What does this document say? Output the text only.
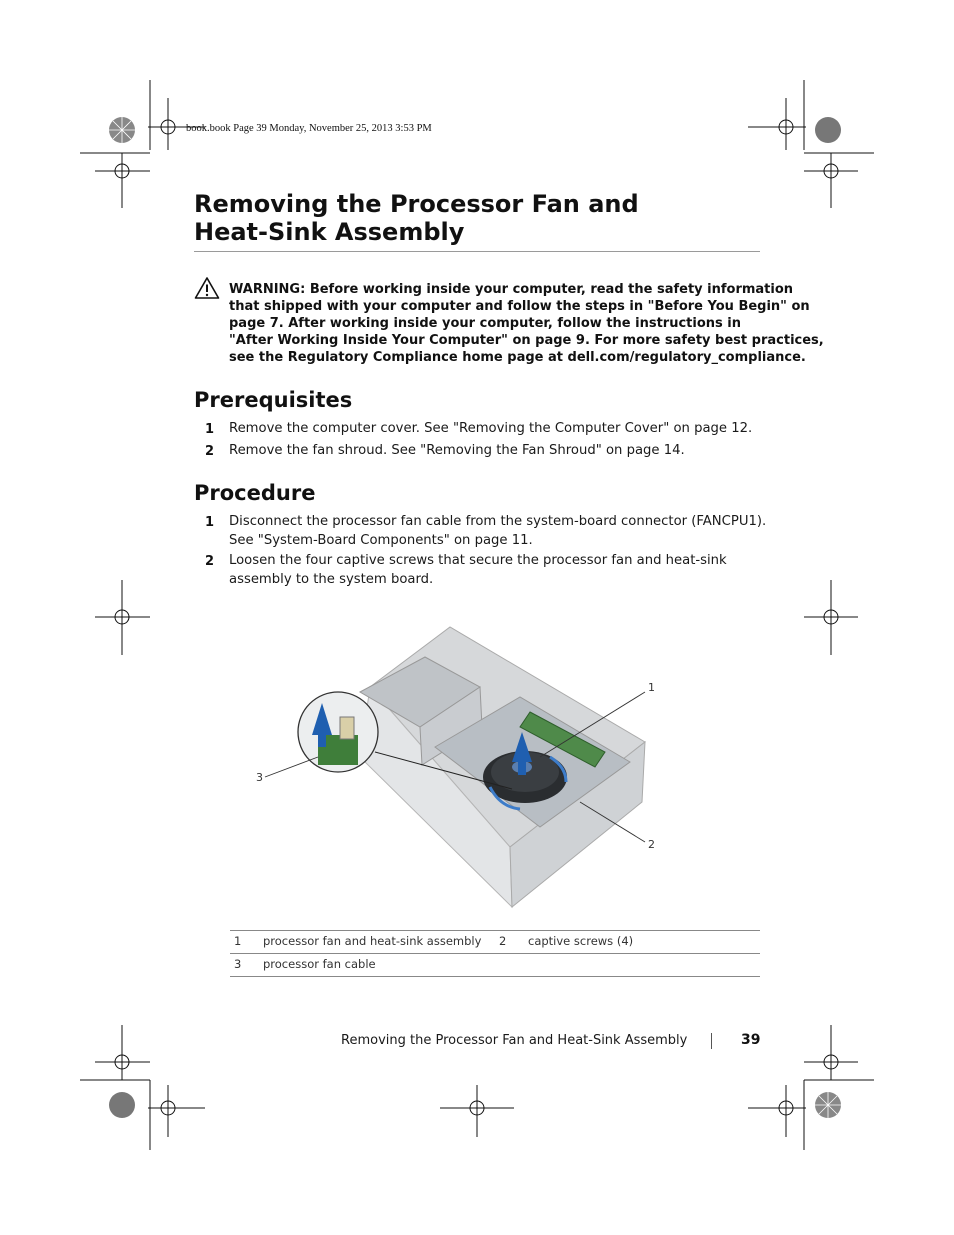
book.book Page 39 Monday, November 25, 2013 3:53 PM
Removing the Processor Fan and
Heat-Sink Assembly
WARNING: Before working inside your computer, read the safety information
that shipped with your computer and follow the steps in "Before You Begin" on
page 7. After working inside your computer, follow the instructions in
"After Working Inside Your Computer" on page 9. For more safety best practices,
see the Regulatory Compliance home page at dell.com/regulatory_compliance.
Prerequisites
1 Remove the computer cover. See "Removing the Computer Cover" on page 12.
2 Remove the fan shroud. See "Removing the Fan Shroud" on page 14.
Procedure
1 Disconnect the processor fan cable from the system-board connector (FANCPU1).
See "System-Board Components" on page 11.
2 Loosen the four captive screws that secure the processor fan and heat-sink
assembly to the system board.
1
2
3
1 processor fan and heat-sink assembly 2 captive screws (4)
3 processor fan cable
Removing the Processor Fan and Heat-Sink Assembly	39
